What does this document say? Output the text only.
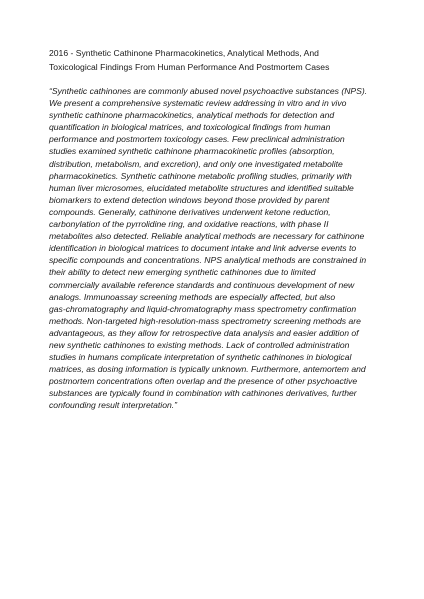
2016 - Synthetic Cathinone Pharmacokinetics, Analytical Methods, And
Toxicological Findings From Human Performance And Postmortem Cases
“Synthetic cathinones are commonly abused novel psychoactive substances (NPS).
We present a comprehensive systematic review addressing in vitro and in vivo
synthetic cathinone pharmacokinetics, analytical methods for detection and
quantification in biological matrices, and toxicological findings from human
performance and postmortem toxicology cases. Few preclinical administration
studies examined synthetic cathinone pharmacokinetic profiles (absorption,
distribution, metabolism, and excretion), and only one investigated metabolite
pharmacokinetics. Synthetic cathinone metabolic profiling studies, primarily with
human liver microsomes, elucidated metabolite structures and identified suitable
biomarkers to extend detection windows beyond those provided by parent
compounds. Generally, cathinone derivatives underwent ketone reduction,
carbonylation of the pyrrolidine ring, and oxidative reactions, with phase II
metabolites also detected. Reliable analytical methods are necessary for cathinone
identification in biological matrices to document intake and link adverse events to
specific compounds and concentrations. NPS analytical methods are constrained in
their ability to detect new emerging synthetic cathinones due to limited
commercially available reference standards and continuous development of new
analogs. Immunoassay screening methods are especially affected, but also
gas-chromatography and liquid-chromatography mass spectrometry confirmation
methods. Non-targeted high-resolution-mass spectrometry screening methods are
advantageous, as they allow for retrospective data analysis and easier addition of
new synthetic cathinones to existing methods. Lack of controlled administration
studies in humans complicate interpretation of synthetic cathinones in biological
matrices, as dosing information is typically unknown. Furthermore, antemortem and
postmortem concentrations often overlap and the presence of other psychoactive
substances are typically found in combination with cathinones derivatives, further
confounding result interpretation.”
